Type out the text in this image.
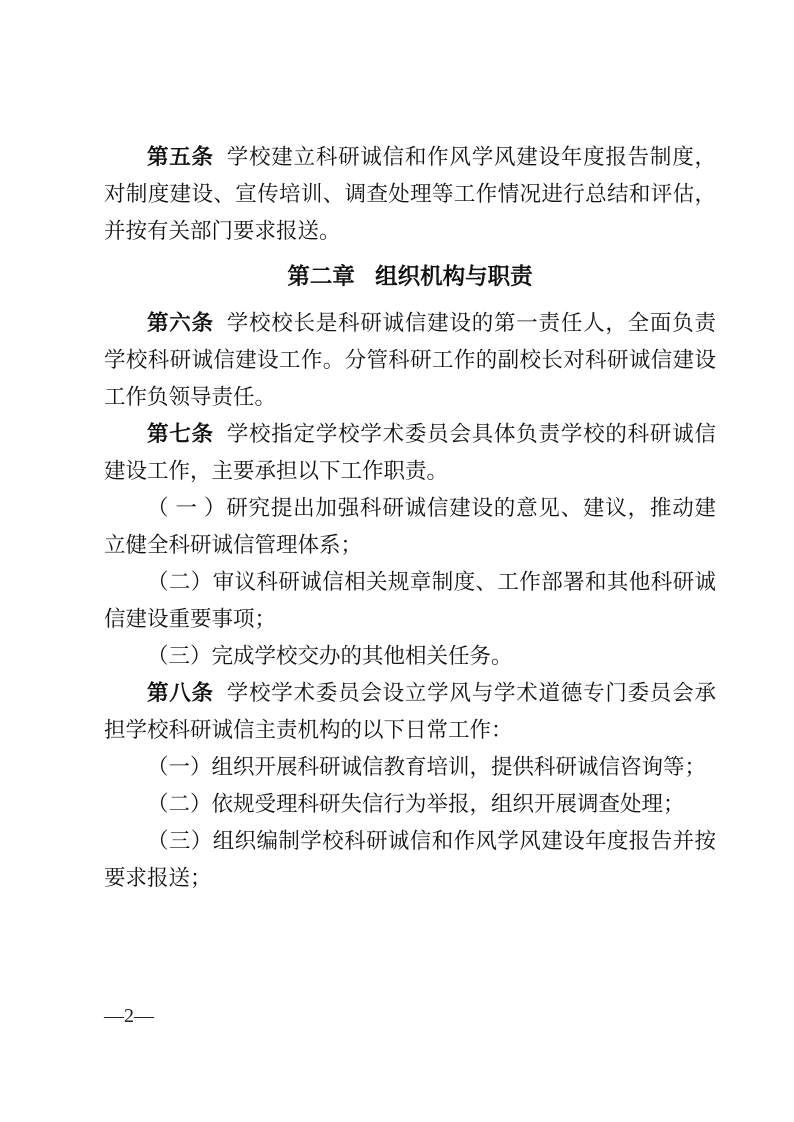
第五条 学校建立科研诚信和作风学风建设年度报告制度，对制度建设、宣传培训、调查处理等工作情况进行总结和评估，并按有关部门要求报送。

第二章 组织机构与职责

第六条 学校校长是科研诚信建设的第一责任人，全面负责学校科研诚信建设工作。分管科研工作的副校长对科研诚信建设工作负领导责任。

第七条 学校指定学校学术委员会具体负责学校的科研诚信建设工作，主要承担以下工作职责。

（ 一 ）研究提出加强科研诚信建设的意见、建议，推动建立健全科研诚信管理体系；

（二）审议科研诚信相关规章制度、工作部署和其他科研诚信建设重要事项；

（三）完成学校交办的其他相关任务。

第八条 学校学术委员会设立学风与学术道德专门委员会承担学校科研诚信主责机构的以下日常工作：

（一）组织开展科研诚信教育培训，提供科研诚信咨询等；

（二）依规受理科研失信行为举报，组织开展调查处理；

（三）组织编制学校科研诚信和作风学风建设年度报告并按要求报送；

—2—
